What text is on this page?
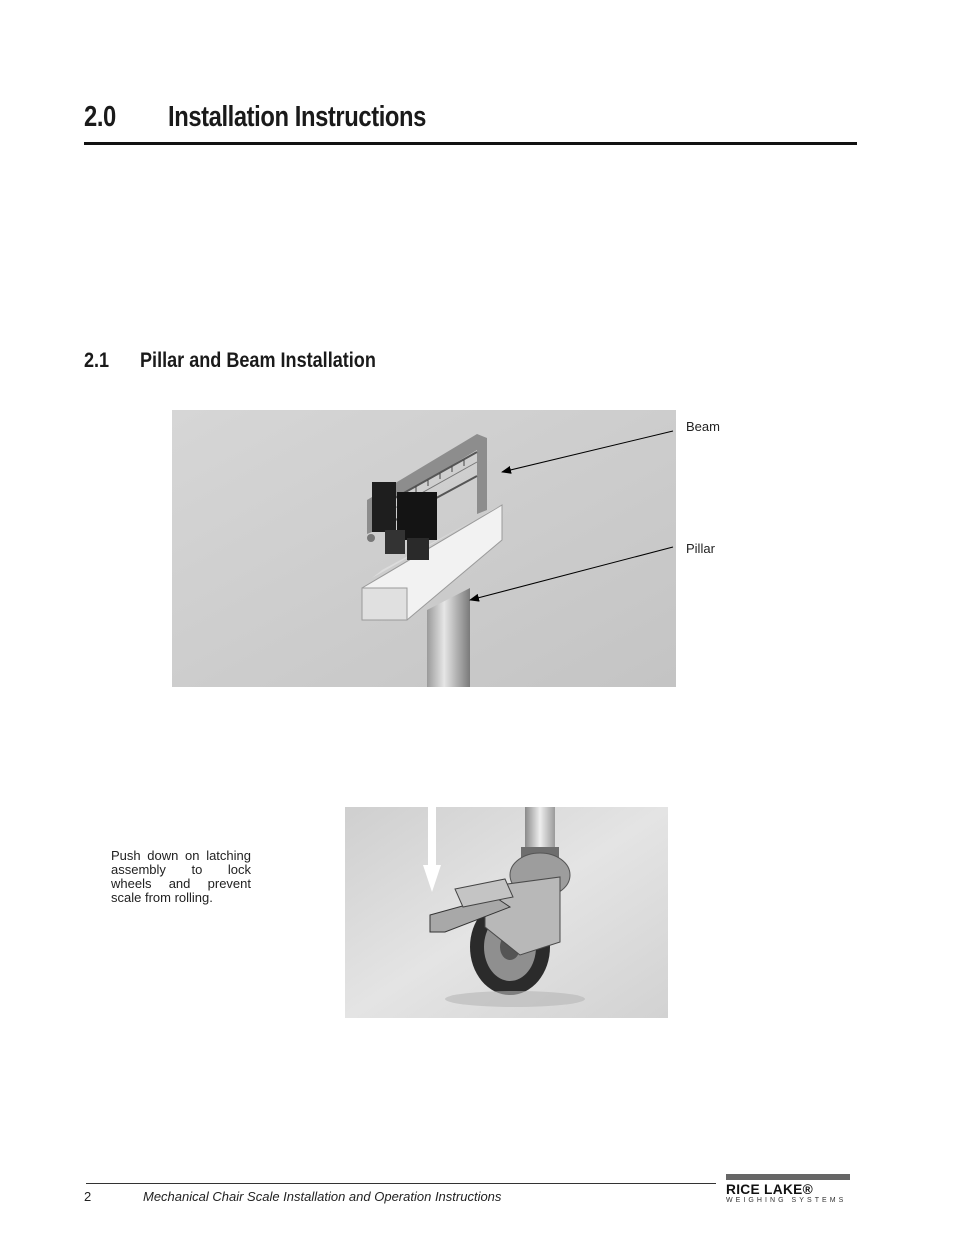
2.0 Installation Instructions
2.1 Pillar and Beam Installation
Beam
Pillar
Push down on latching assembly to lock wheels and prevent scale from rolling.
2	Mechanical Chair Scale Installation and Operation Instructions	RICE LAKE®
WEIGHING SYSTEMS
